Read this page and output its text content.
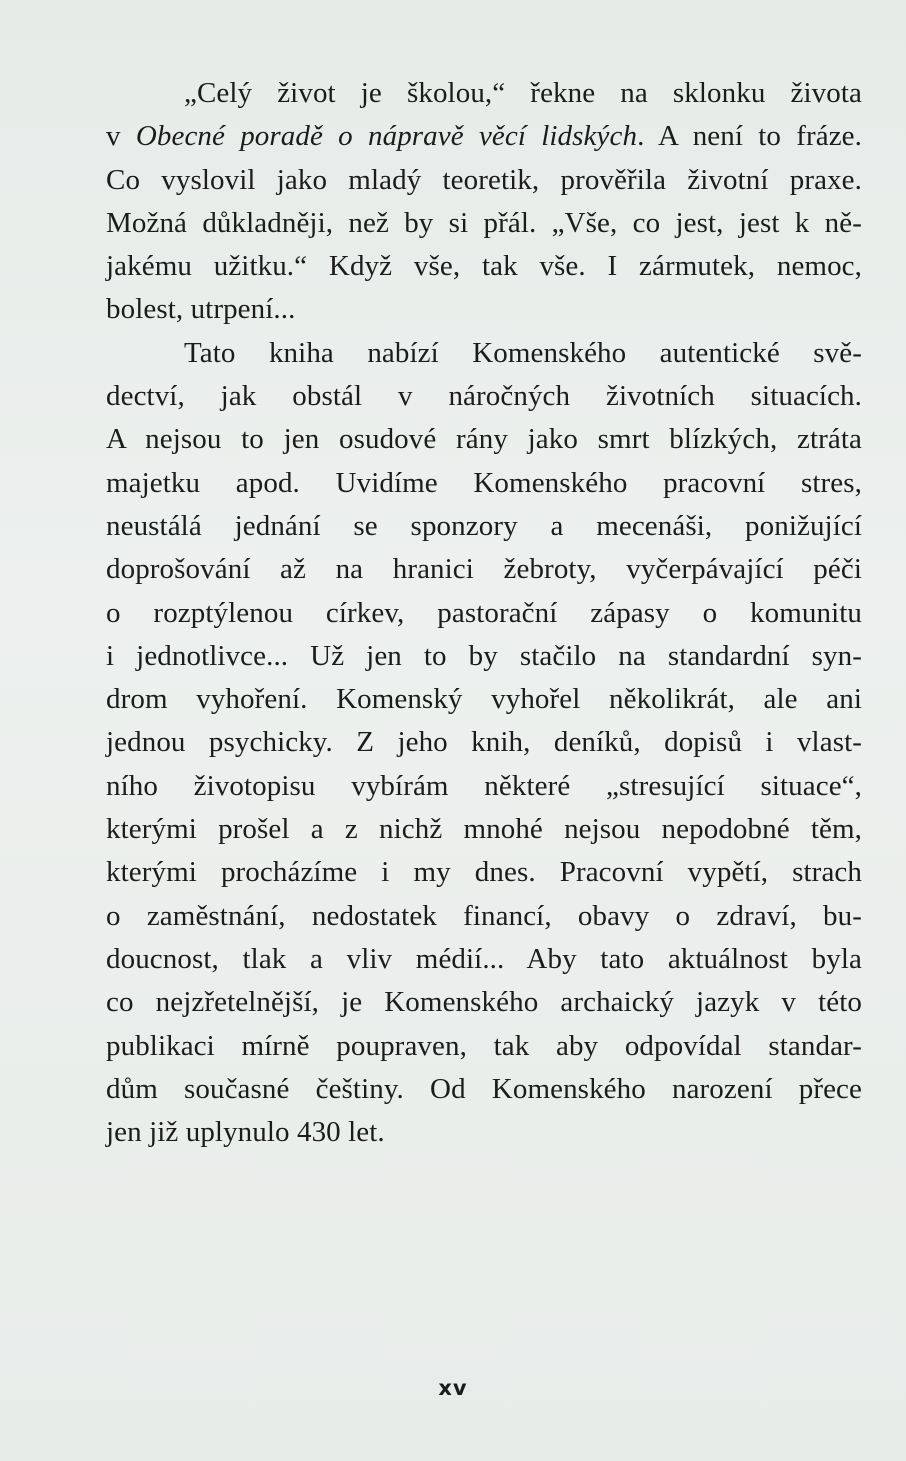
„Celý život je školou,“ řekne na sklonku života
v Obecné poradě o nápravě věcí lidských. A není to fráze.
Co vyslovil jako mladý teoretik, prověřila životní praxe.
Možná důkladněji, než by si přál. „Vše, co jest, jest k ně-
jakému užitku.“ Když vše, tak vše. I zármutek, nemoc,
bolest, utrpení...
Tato kniha nabízí Komenského autentické svě-
dectví, jak obstál v náročných životních situacích.
A nejsou to jen osudové rány jako smrt blízkých, ztráta
majetku apod. Uvidíme Komenského pracovní stres,
neustálá jednání se sponzory a mecenáši, ponižující
doprošování až na hranici žebroty, vyčerpávající péči
o rozptýlenou církev, pastorační zápasy o komunitu
i jednotlivce... Už jen to by stačilo na standardní syn-
drom vyhoření. Komenský vyhořel několikrát, ale ani
jednou psychicky. Z jeho knih, deníků, dopisů i vlast-
ního životopisu vybírám některé „stresující situace“,
kterými prošel a z nichž mnohé nejsou nepodobné těm,
kterými procházíme i my dnes. Pracovní vypětí, strach
o zaměstnání, nedostatek financí, obavy o zdraví, bu-
doucnost, tlak a vliv médií... Aby tato aktuálnost byla
co nejzřetelnější, je Komenského archaický jazyk v této
publikaci mírně poupraven, tak aby odpovídal standar-
dům současné češtiny. Od Komenského narození přece
jen již uplynulo 430 let.
xv
